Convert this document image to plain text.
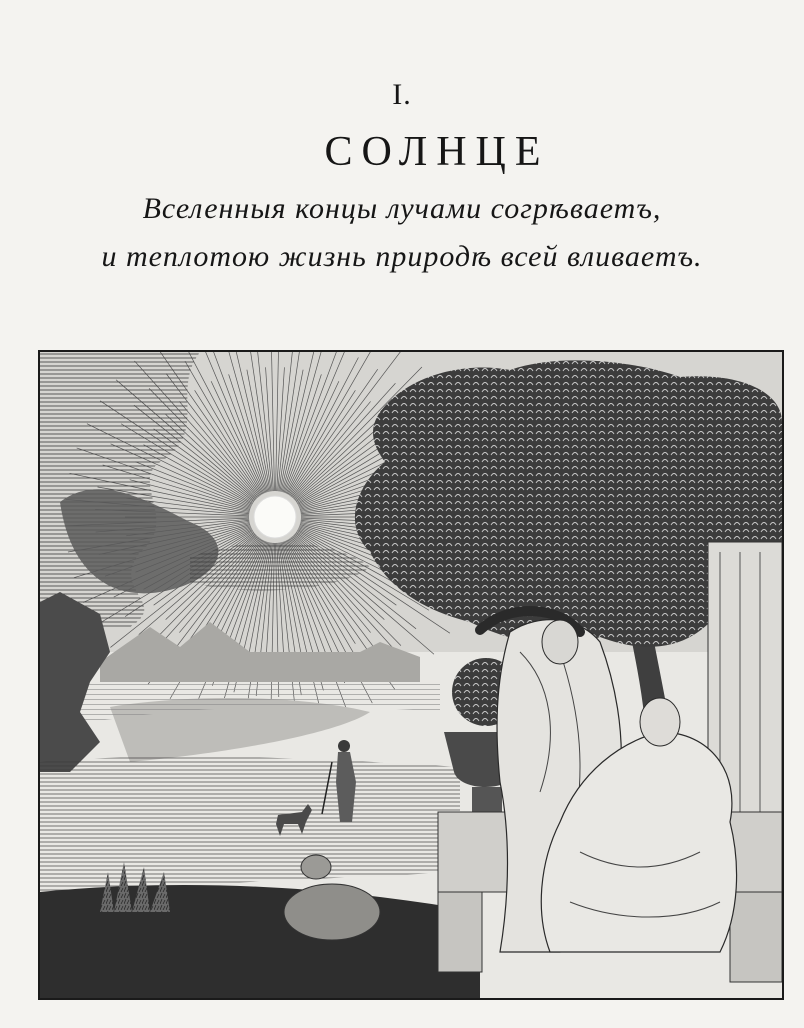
I.
СОЛНЦЕ
Вселенныя концы лучами согрѣваетъ,
и теплотою жизнь природѣ всей вливаетъ.
